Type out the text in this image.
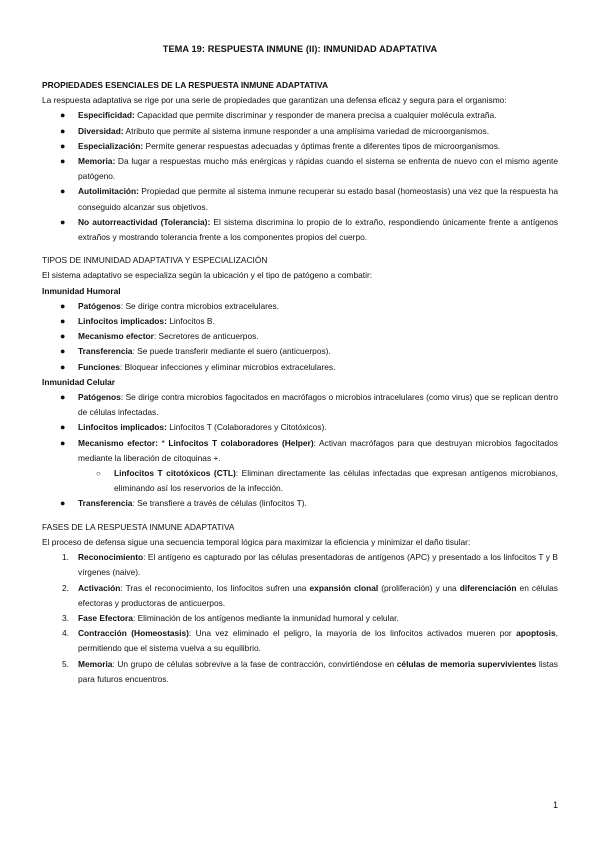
TEMA 19: RESPUESTA INMUNE (II): INMUNIDAD ADAPTATIVA

PROPIEDADES ESENCIALES DE LA RESPUESTA INMUNE ADAPTATIVA

La respuesta adaptativa se rige por una serie de propiedades que garantizan una defensa eficaz y segura para el organismo:

● Especificidad: Capacidad que permite discriminar y responder de manera precisa a cualquier molécula extraña.
● Diversidad: Atributo que permite al sistema inmune responder a una amplísima variedad de microorganismos.
● Especialización: Permite generar respuestas adecuadas y óptimas frente a diferentes tipos de microorganismos.
● Memoria: Da lugar a respuestas mucho más enérgicas y rápidas cuando el sistema se enfrenta de nuevo con el mismo agente patógeno.
● Autolimitación: Propiedad que permite al sistema inmune recuperar su estado basal (homeostasis) una vez que la respuesta ha conseguido alcanzar sus objetivos.
● No autorreactividad (Tolerancia): El sistema discrimina lo propio de lo extraño, respondiendo únicamente frente a antígenos extraños y mostrando tolerancia frente a los componentes propios del cuerpo.

TIPOS DE INMUNIDAD ADAPTATIVA Y ESPECIALIZACIÓN

El sistema adaptativo se especializa según la ubicación y el tipo de patógeno a combatir:

Inmunidad Humoral

● Patógenos: Se dirige contra microbios extracelulares.
● Linfocitos implicados: Linfocitos B.
● Mecanismo efector: Secretores de anticuerpos.
● Transferencia: Se puede transferir mediante el suero (anticuerpos).
● Funciones: Bloquear infecciones y eliminar microbios extracelulares.

Inmunidad Celular

● Patógenos: Se dirige contra microbios fagocitados en macrófagos o microbios intracelulares (como virus) que se replican dentro de células infectadas.
● Linfocitos implicados: Linfocitos T (Colaboradores y Citotóxicos).
● Mecanismo efector: * Linfocitos T colaboradores (Helper): Activan macrófagos para que destruyan microbios fagocitados mediante la liberación de citoquinas +.
○ Linfocitos T citotóxicos (CTL): Eliminan directamente las células infectadas que expresan antígenos microbianos, eliminando así los reservorios de la infección.
● Transferencia: Se transfiere a través de células (linfocitos T).

FASES DE LA RESPUESTA INMUNE ADAPTATIVA

El proceso de defensa sigue una secuencia temporal lógica para maximizar la eficiencia y minimizar el daño tisular:

1. Reconocimiento: El antígeno es capturado por las células presentadoras de antígenos (APC) y presentado a los linfocitos T y B vírgenes (naive).
2. Activación: Tras el reconocimiento, los linfocitos sufren una expansión clonal (proliferación) y una diferenciación en células efectoras y productoras de anticuerpos.
3. Fase Efectora: Eliminación de los antígenos mediante la inmunidad humoral y celular.
4. Contracción (Homeostasis): Una vez eliminado el peligro, la mayoría de los linfocitos activados mueren por apoptosis, permitiendo que el sistema vuelva a su equilibrio.
5. Memoria: Un grupo de células sobrevive a la fase de contracción, convirtiéndose en células de memoria supervivientes listas para futuros encuentros.
1
